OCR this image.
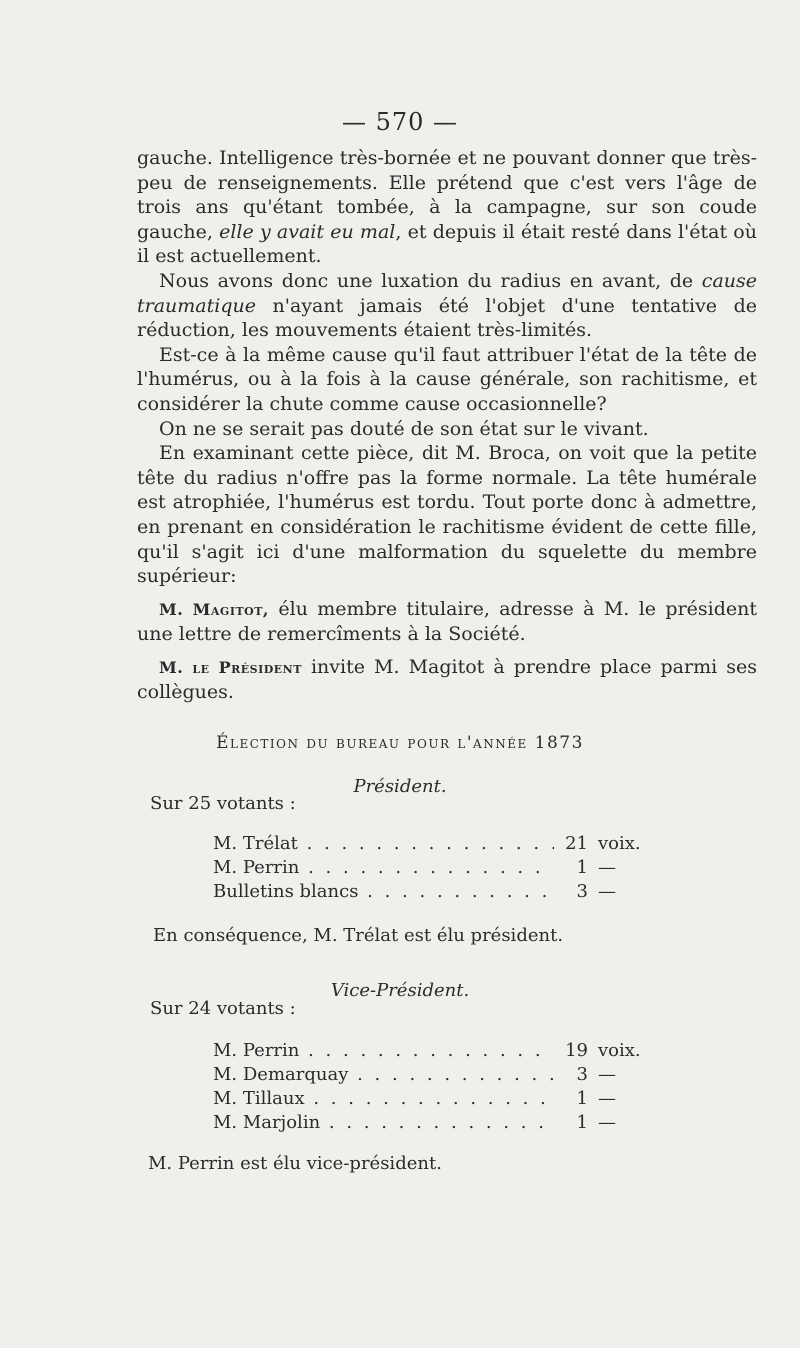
— 570 —

gauche. Intelligence très-bornée et ne pouvant donner que très-peu de renseignements. Elle prétend que c'est vers l'âge de trois ans qu'étant tombée, à la campagne, sur son coude gauche, elle y avait eu mal, et depuis il était resté dans l'état où il est actuellement.

Nous avons donc une luxation du radius en avant, de cause traumatique n'ayant jamais été l'objet d'une tentative de réduction, les mouvements étaient très-limités.

Est-ce à la même cause qu'il faut attribuer l'état de la tête de l'humérus, ou à la fois à la cause générale, son rachitisme, et considérer la chute comme cause occasionnelle?

On ne se serait pas douté de son état sur le vivant.

En examinant cette pièce, dit M. Broca, on voit que la petite tête du radius n'offre pas la forme normale. La tête humérale est atrophiée, l'humérus est tordu. Tout porte donc à admettre, en prenant en considération le rachitisme évident de cette fille, qu'il s'agit ici d'une malformation du squelette du membre supérieur:

M. Magitot, élu membre titulaire, adresse à M. le président une lettre de remercîments à la Société.

M. le Président invite M. Magitot à prendre place parmi ses collègues.

Élection du bureau pour l'année 1873
Président.
Sur 25 votants :
M. Trélat . . .	21 voix.
M. Perrin . . .	1 —
Bulletins blancs . . .	3 —
En conséquence, M. Trélat est élu président.
Vice-Président.
Sur 24 votants :
M. Perrin . . .	19 voix.
M. Demarquay . . .	3 —
M. Tillaux . . .	1 —
M. Marjolin . . .	1 —
M. Perrin est élu vice-président.
